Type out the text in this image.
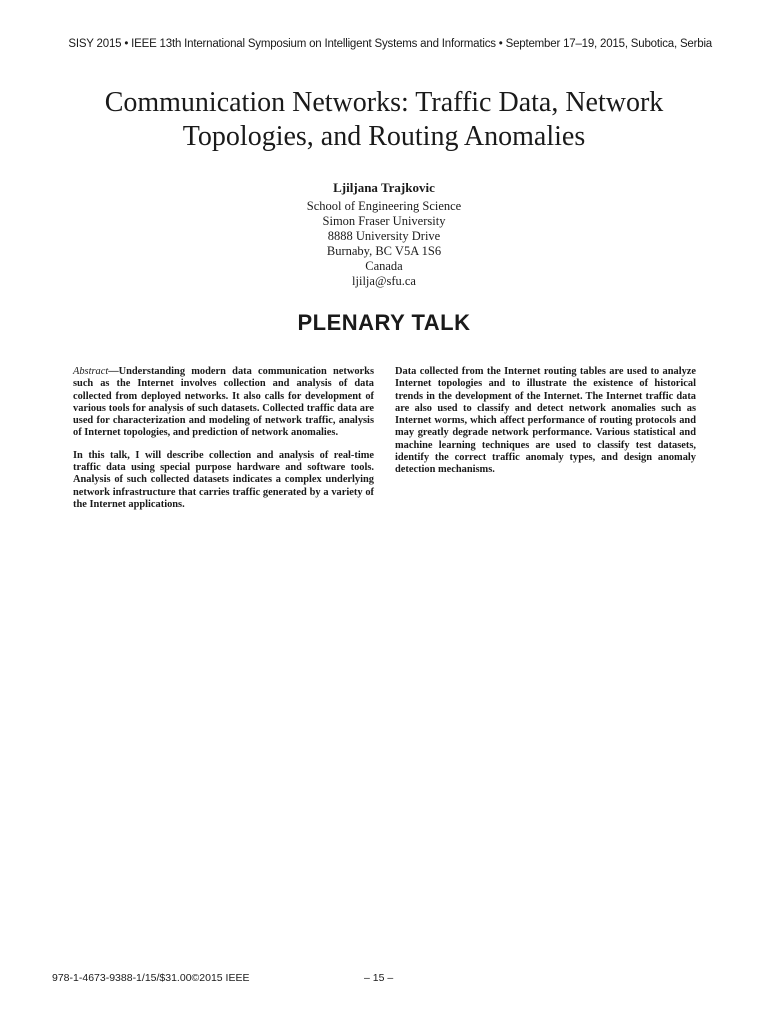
SISY 2015 • IEEE 13th International Symposium on Intelligent Systems and Informatics • September 17–19, 2015, Subotica, Serbia
Communication Networks: Traffic Data, Network
Topologies, and Routing Anomalies
Ljiljana Trajkovic
School of Engineering Science
Simon Fraser University
8888 University Drive
Burnaby, BC V5A 1S6
Canada
ljilja@sfu.ca
PLENARY TALK

Abstract—Understanding modern data communication networks such as the Internet involves collection and analysis of data collected from deployed networks. It also calls for development of various tools for analysis of such datasets. Collected traffic data are used for characterization and modeling of network traffic, analysis of Internet topologies, and prediction of network anomalies.

In this talk, I will describe collection and analysis of real-time traffic data using special purpose hardware and software tools. Analysis of such collected datasets indicates a complex underlying network infrastructure that carries traffic generated by a variety of the Internet applications.

Data collected from the Internet routing tables are used to analyze Internet topologies and to illustrate the existence of historical trends in the development of the Internet. The Internet traffic data are also used to classify and detect network anomalies such as Internet worms, which affect performance of routing protocols and may greatly degrade network performance. Various statistical and machine learning techniques are used to classify test datasets, identify the correct traffic anomaly types, and design anomaly detection mechanisms.

978-1-4673-9388-1/15/$31.00©2015 IEEE	– 15 –
